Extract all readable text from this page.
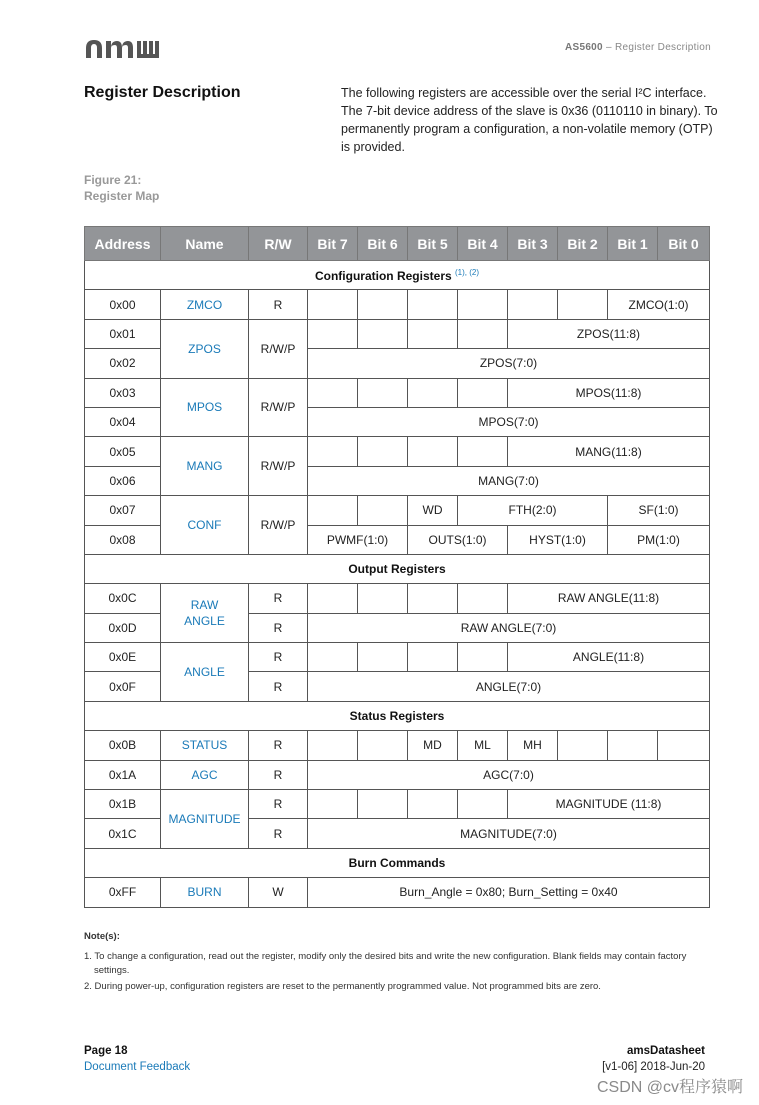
AS5600 – Register Description
Register Description	The following registers are accessible over the serial I²C interface. The 7-bit device address of the slave is 0x36 (0110110 in binary). To permanently program a configuration, a non-volatile memory (OTP) is provided.
Figure 21:
Register Map
Address	Name	R/W	Bit 7	Bit 6	Bit 5	Bit 4	Bit 3	Bit 2	Bit 1	Bit 0
Configuration Registers $^{(1), (2)}$
0x00	ZMCO	R							ZMCO(1:0)	
0x01	ZPOS	R/W/P					ZPOS(11:8)			
0x02			ZPOS(7:0)							
0x03	MPOS	R/W/P					MPOS(11:8)			
0x04			MPOS(7:0)							
0x05	MANG	R/W/P					MANG(11:8)			
0x06			MANG(7:0)							
0x07	CONF	R/W/P			WD	FTH(2:0)			SF(1:0)	
0x08			PWMF(1:0)		OUTS(1:0)		HYST(1:0)		PM(1:0)	
Output Registers										
0x0C	RAW ANGLE	R					RAW ANGLE(11:8)			
0x0D		R	RAW ANGLE(7:0)							
0x0E	ANGLE	R					ANGLE(11:8)			
0x0F		R	ANGLE(7:0)							
Status Registers										
0x0B	STATUS	R			MD	ML	MH			
0x1A	AGC	R	AGC(7:0)							
0x1B	MAGNITUDE	R					MAGNITUDE (11:8)			
0x1C		R	MAGNITUDE(7:0)							
Burn Commands										
0xFF	BURN	W	Burn_Angle = 0x80; Burn_Setting = 0x40							
Note(s):
1. To change a configuration, read out the register, modify only the desired bits and write the new configuration. Blank fields may contain factory settings.
2. During power-up, configuration registers are reset to the permanently programmed value. Not programmed bits are zero.
Page 18
Document Feedback
amsDatasheet
[v1-06] 2018-Jun-20
CSDN @cv程序猿啊
